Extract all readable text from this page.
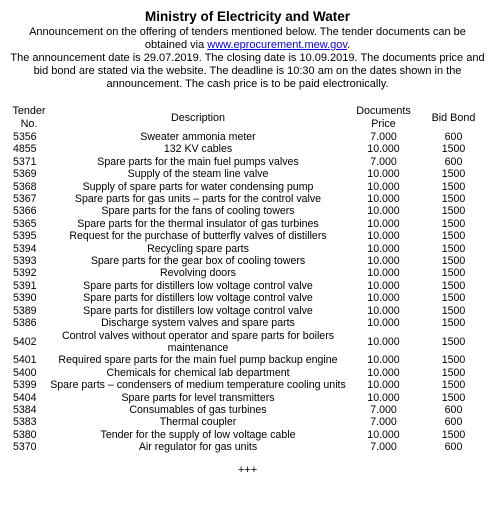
Ministry of Electricity and Water
Announcement on the offering of tenders mentioned below. The tender documents can be obtained via www.eprocurement.mew.gov.
The announcement date is 29.07.2019. The closing date is 10.09.2019. The documents price and bid bond are stated via the website. The deadline is 10:30 am on the dates shown in the announcement. The cash price is to be paid electronically.
Tender No.	Description	Documents Price	Bid Bond
5356	Sweater ammonia meter	7.000	600
4855	132 KV cables	10.000	1500
5371	Spare parts for the main fuel pumps valves	7.000	600
5369	Supply of the steam line valve	10.000	1500
5368	Supply of spare parts for water condensing pump	10.000	1500
5367	Spare parts for gas units – parts for the control valve	10.000	1500
5366	Spare parts for the fans of cooling towers	10.000	1500
5365	Spare parts for the thermal insulator of gas turbines	10.000	1500
5395	Request for the purchase of butterfly valves of distillers	10.000	1500
5394	Recycling spare parts	10.000	1500
5393	Spare parts for the gear box of cooling towers	10.000	1500
5392	Revolving doors	10.000	1500
5391	Spare parts for distillers low voltage control valve	10.000	1500
5390	Spare parts for distillers low voltage control valve	10.000	1500
5389	Spare parts for distillers low voltage control valve	10.000	1500
5386	Discharge system valves and spare parts	10.000	1500
5402	Control valves without operator and spare parts for boilers maintenance	10.000	1500
5401	Required spare parts for the main fuel pump backup engine	10.000	1500
5400	Chemicals for chemical lab department	10.000	1500
5399	Spare parts – condensers of medium temperature cooling units	10.000	1500
5404	Spare parts for level transmitters	10.000	1500
5384	Consumables of gas turbines	7.000	600
5383	Thermal coupler	7.000	600
5380	Tender for the supply of low voltage cable	10.000	1500
5370	Air regulator for gas units	7.000	600
+++
